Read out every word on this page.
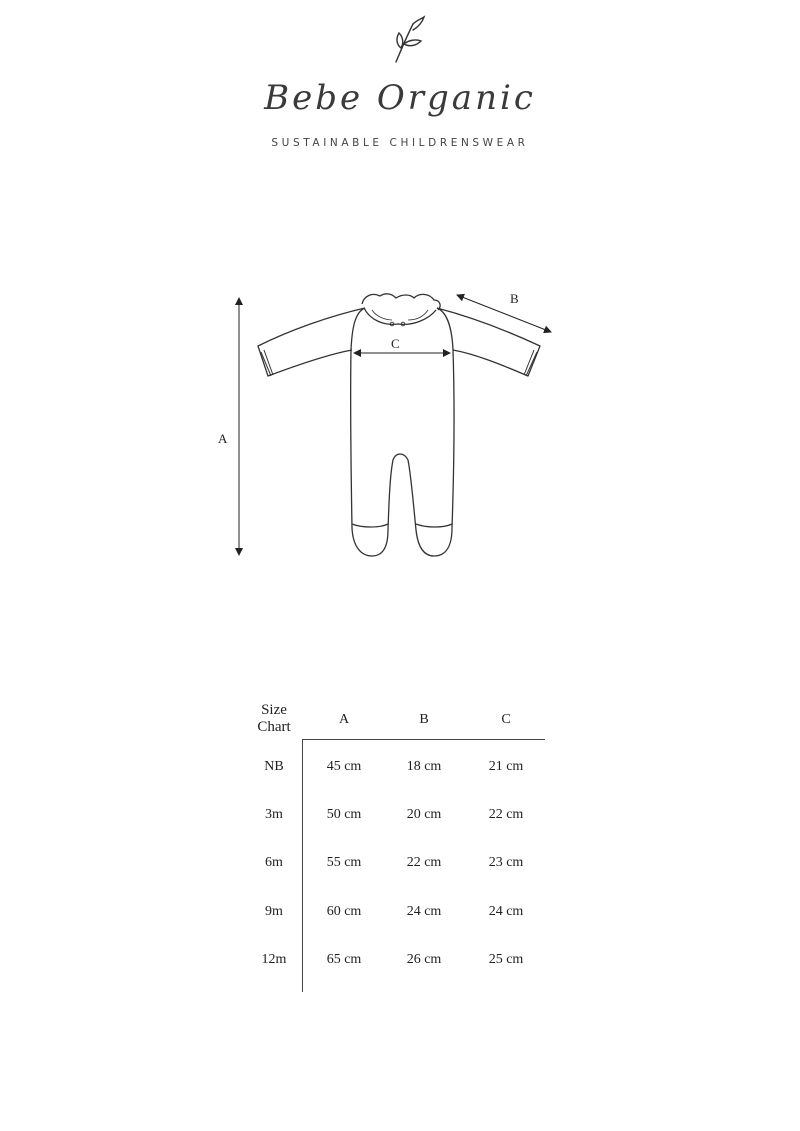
Bebe Organic
SUSTAINABLE CHILDRENSWEAR
A
B
C
Size
Chart	A	B	C
NB	45 cm	18 cm	21 cm
3m	50 cm	20 cm	22 cm
6m	55 cm	22 cm	23 cm
9m	60 cm	24 cm	24 cm
12m	65 cm	26 cm	25 cm
